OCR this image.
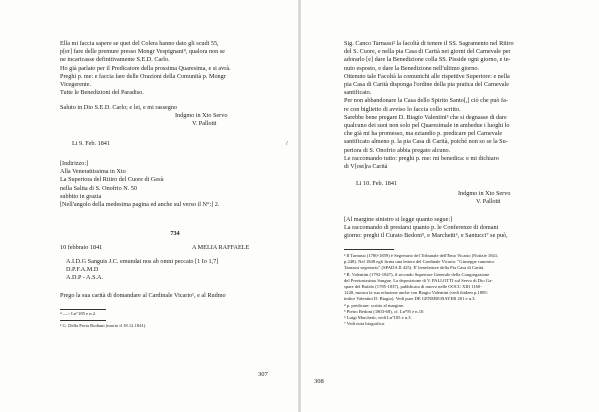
Ella mi faccia sapere se quei del Colera hanno dato gli scudi 55,
p[er] fare delle premure presso Mongr Vespignani⁴, qualora non se
ne incaricasse definitivamente S.E.D. Carlo.
Ho già parlato per il Predicatore della prossima Quaresima, e si avrà.
Preghi p. me: e faccia fare delle Orazioni della Comunità p. Mongr
Vicegerente.
Tutte le Benedizioni del Paradiso.
Saluto in Dio S.E.D. Carlo; e lei, e mi rassegno
Indgmo in Xto Servo
V. Pallotti
Li 9. Feb. 1841	/
[Indirizzo:]
Alla Venerattissima in Xto
La Superiora del Ritiro del Cuore di Gesù
nella Salita di S. Onofrio N. 50
subbito in grazia
[Nell'angolo della medesima pagina ed anche sul verso il N°:] 2.
734
10 febbraio 1841	A MELIA RAFFAELE
A.I.D.G Sanguis J.C. emundat nos ab omni peccato [1 Io 1,7]
D.P.F.A.M.D
A.D.P - A.S.A.
Prego la sua carità di domandare al Cardinale Vicario¹, e al Rudmo
⁴ —> Ln°185 e n.2.
¹ G. Della Porta Rodiani (morto il 18.12.1841).
307
Sig. Canco Tarnassi² la facoltà di tenere il SS. Sagramento nel Ritiro
del S. Cuore, e nella pia Casa di Carità nei giorni del Carnevale per
adorarlo [e] dare la Benedizione colla SS. Pisside ogni giorno, e te-
nuto esposto, e dare la Benedizione nell'ultimo giorno.
Ottenuto tale Facoltà la comunichi alle rispettive Superiore: e nella
pia Casa di Carità disponga l'ordine della pia pratica del Carnevale
santificato.
Per non abbandonare la Casa dello Spirito Santo[,] ciò che può fa-
re con biglietto di avviso lo faccia collo scritto.
Sarebbe bene pregare D. Biagio Valentini³ che si degnasse di dare
qualcuno dei suoi non solo pel Quaresimale in ambedue i luoghi lo
che già mi ha promesso, ma eziandio p. predicare pel Carnevale
santificato almeno p. la pia Casa di Carità, poiché non so se la Su-
periora di S. Onofrio abbia pregato alcuno.
Le raccomando tutto: preghi p. me: mi benedica: e mi dichiaro
di V[ost]ra Carità
Li 10. Feb. 1841
Indgmo in Xto Servo
V. Pallotti
[Al margine sinistro si legge quanto segue:]
La raccomando di prestarsi quanto p. le Conferenze di domani
giorno: preghi il Curato Bedoni⁵, e Marchetti⁶, e Santucci⁷ se può,
² Il Tarnassi (1780-1859) è Segretario del Tribunale dell'Emo Vicario (Notizie 1841,
p.248). Nel 1848 egli firma una lettera del Cardinale Vicario: "Giuseppe canonico
Tarnassi segretario" (SPADA II 425). E' benefattore della Pia Casa di Carità.
³ B. Valentini (1792-1847), il secondo Superiore Generale della Congregazione
del Preziosissimo Sangue. La deposizione di V. PALLOTTI sul Servo di Dio Ga-
spare del Bufalo (1785-1837), pubblicata di nuovo nelle OOCC XIII 1160-
1228, mostra la sua relazione anche con Biagio Valentini (vedi ibidem p.1885:
indice Valentini D. Biagio). Vedi pure DE GENERE/BAYER 201 e n.3.
⁴ p. predicare: scritto al margine.
⁵ Pietro Bedoni (1803-68), cf. Lnº95 e n.10.
⁶ Luigi Marchetti, vedi Lnº105 e n.3.
⁷ Vedi nota biografica.
308
